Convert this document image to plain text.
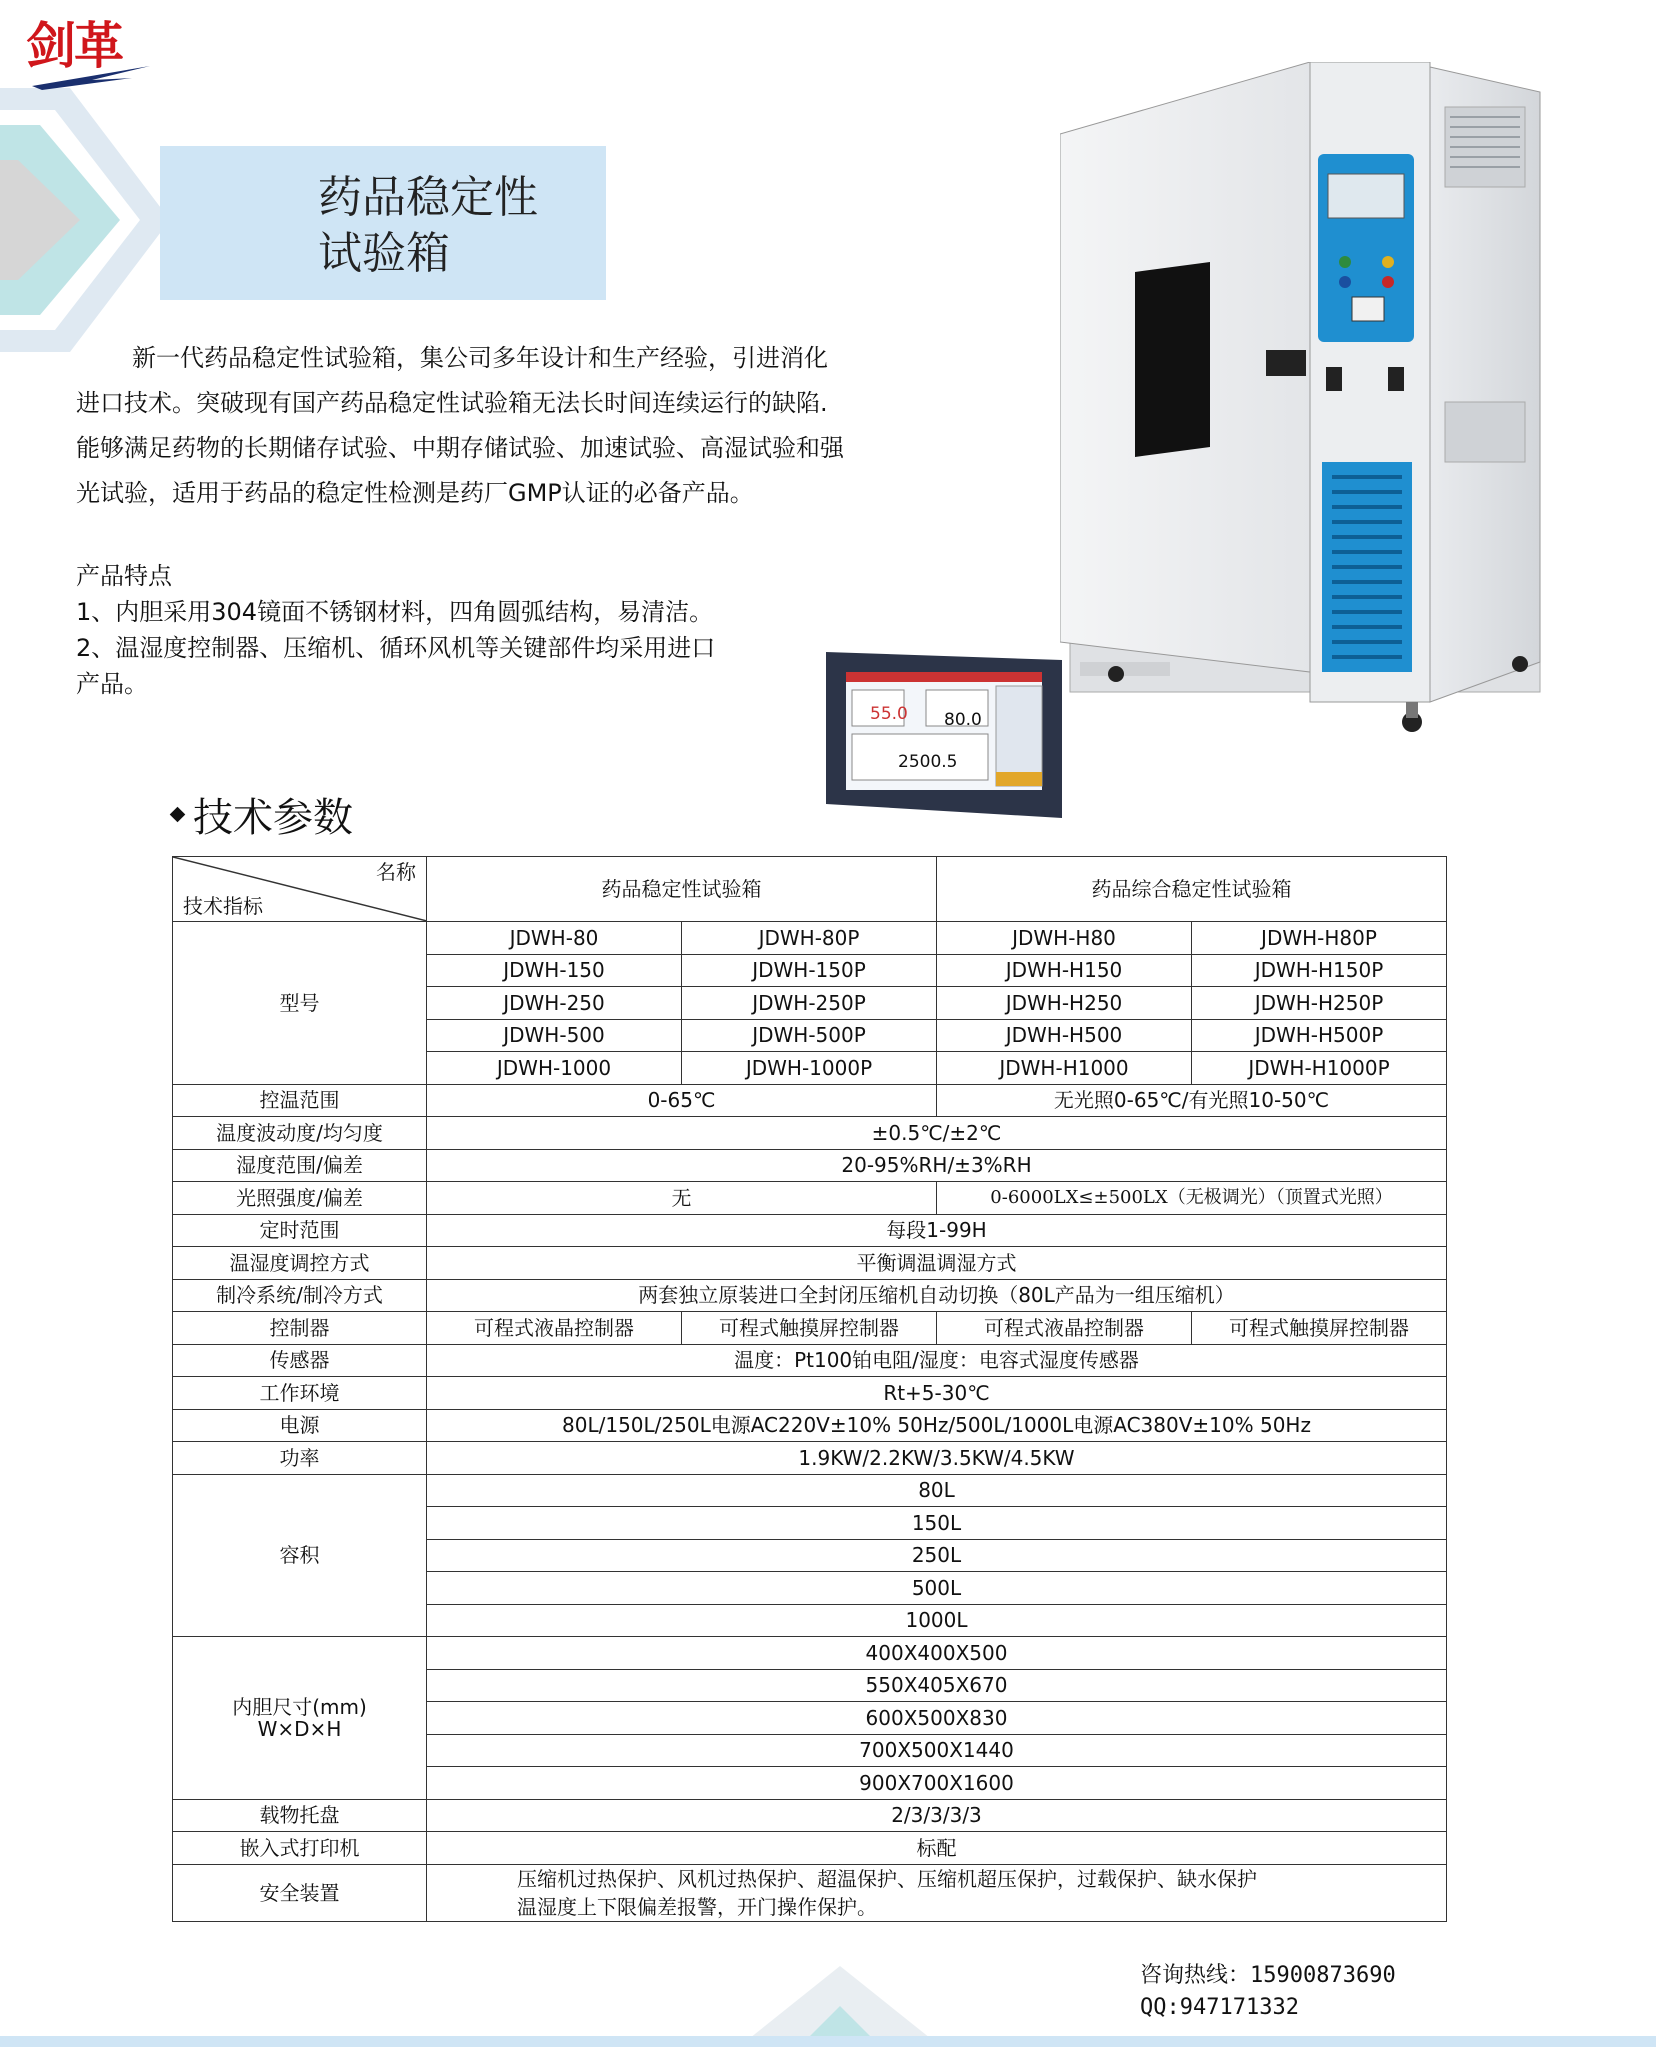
剑革
药品稳定性
试验箱

新一代药品稳定性试验箱，集公司多年设计和生产经验，引进消化进口技术。突破现有国产药品稳定性试验箱无法长时间连续运行的缺陷.能够满足药物的长期储存试验、中期存储试验、加速试验、高湿试验和强光试验，适用于药品的稳定性检测是药厂GMP认证的必备产品。

产品特点
1、内胆采用304镜面不锈钢材料，四角圆弧结构，易清洁。
2、温湿度控制器、压缩机、循环风机等关键部件均采用进口
产品。
55.0 80.0
2500.5
技术参数
名称
技术指标	药品稳定性试验箱		药品综合稳定性试验箱	
型号	JDWH-80	JDWH-80P	JDWH-H80	JDWH-H80P
	JDWH-150	JDWH-150P	JDWH-H150	JDWH-H150P
	JDWH-250	JDWH-250P	JDWH-H250	JDWH-H250P
	JDWH-500	JDWH-500P	JDWH-H500	JDWH-H500P
	JDWH-1000	JDWH-1000P	JDWH-H1000	JDWH-H1000P
控温范围	0-65℃		无光照0-65℃/有光照10-50℃	
温度波动度/均匀度	±0.5℃/±2℃			
湿度范围/偏差	20-95%RH/±3%RH			
光照强度/偏差	无		0-6000LX≤±500LX（无极调光）（顶置式光照）	
定时范围	每段1-99H			
温湿度调控方式	平衡调温调湿方式			
制冷系统/制冷方式	两套独立原装进口全封闭压缩机自动切换（80L产品为一组压缩机）			
控制器	可程式液晶控制器	可程式触摸屏控制器	可程式液晶控制器	可程式触摸屏控制器
传感器	温度：Pt100铂电阻/湿度：电容式湿度传感器			
工作环境	Rt+5-30℃			
电源	80L/150L/250L电源AC220V±10% 50Hz/500L/1000L电源AC380V±10% 50Hz			
功率	1.9KW/2.2KW/3.5KW/4.5KW			
容积	80L			
	150L			
	250L			
	500L			
	1000L			

内胆尺寸(mm)
W×D×H	400X400X500			
	550X405X670			
	600X500X830			
	700X500X1440			
	900X700X1600			
载物托盘	2/3/3/3/3			
嵌入式打印机	标配			
安全装置	压缩机过热保护、风机过热保护、超温保护、压缩机超压保护，过载保护、缺水保护
温湿度上下限偏差报警，开门操作保护。			
咨询热线：15900873690
QQ:947171332
